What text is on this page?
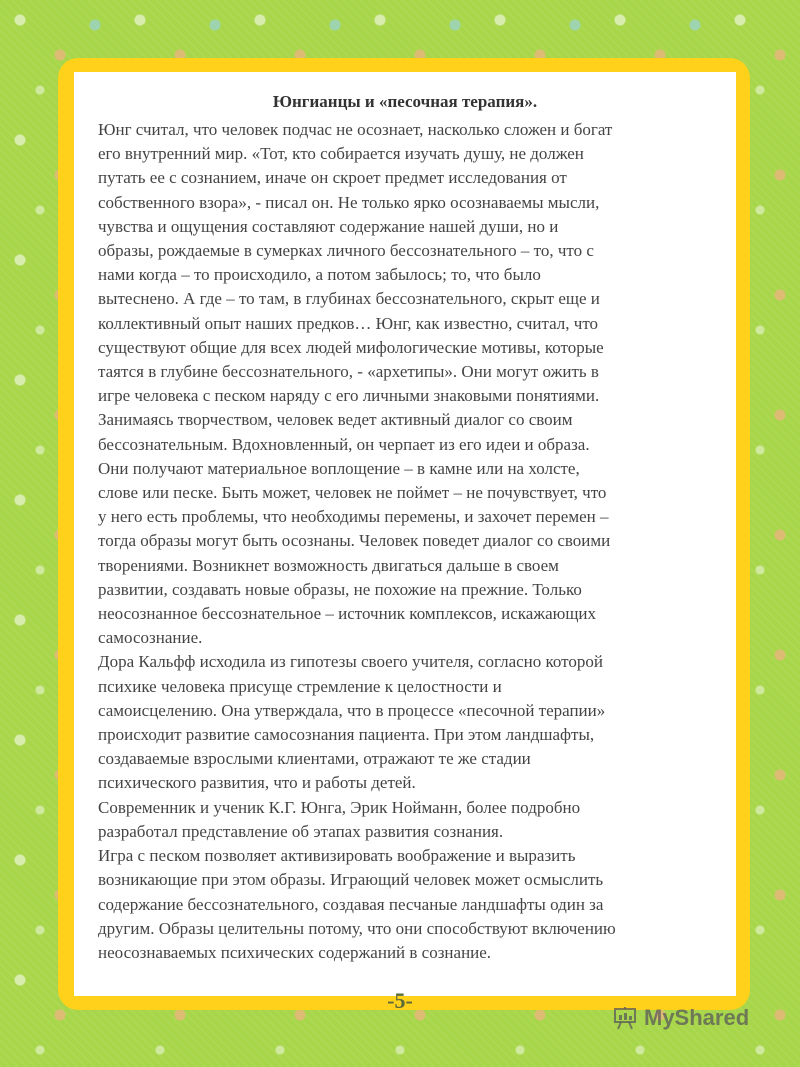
Юнгианцы и «песочная терапия».
Юнг считал, что человек подчас не осознает, насколько сложен и богат
его внутренний мир. «Тот, кто собирается изучать душу, не должен
путать ее с сознанием, иначе он скроет предмет исследования от
собственного взора», - писал он. Не только ярко осознаваемы мысли,
чувства и ощущения составляют содержание нашей души, но и
образы, рождаемые в сумерках личного бессознательного – то, что с
нами когда – то происходило, а потом забылось; то, что было
вытеснено. А где – то там, в глубинах бессознательного, скрыт еще и
коллективный опыт наших предков… Юнг, как известно, считал, что
существуют общие для всех людей мифологические мотивы, которые
таятся в глубине бессознательного, - «архетипы». Они могут ожить в
игре человека с песком наряду с его личными знаковыми понятиями.
Занимаясь творчеством, человек ведет активный диалог со своим
бессознательным. Вдохновленный, он черпает из его идеи и образа.
Они получают материальное воплощение – в камне или на холсте,
слове или песке. Быть может, человек не поймет – не почувствует, что
у него есть проблемы, что необходимы перемены, и захочет перемен –
тогда образы могут быть осознаны. Человек поведет диалог со своими
творениями. Возникнет возможность двигаться дальше в своем
развитии, создавать новые образы, не похожие на прежние. Только
неосознанное бессознательное – источник комплексов, искажающих
самосознание.
Дора Кальфф исходила из гипотезы своего учителя, согласно которой
психике человека присуще стремление к целостности и
самоисцелению. Она утверждала, что в процессе «песочной терапии»
происходит развитие самосознания пациента. При этом ландшафты,
создаваемые взрослыми клиентами, отражают те же стадии
психического развития, что и работы детей.
Современник и ученик К.Г. Юнга, Эрик Нойманн, более подробно
разработал представление об этапах развития сознания.
Игра с песком позволяет активизировать воображение и выразить
возникающие при этом образы. Играющий человек может осмыслить
содержание бессознательного, создавая песчаные ландшафты один за
другим. Образы целительны потому, что они способствуют включению
неосознаваемых психических содержаний в сознание.
-5-
MyShared
